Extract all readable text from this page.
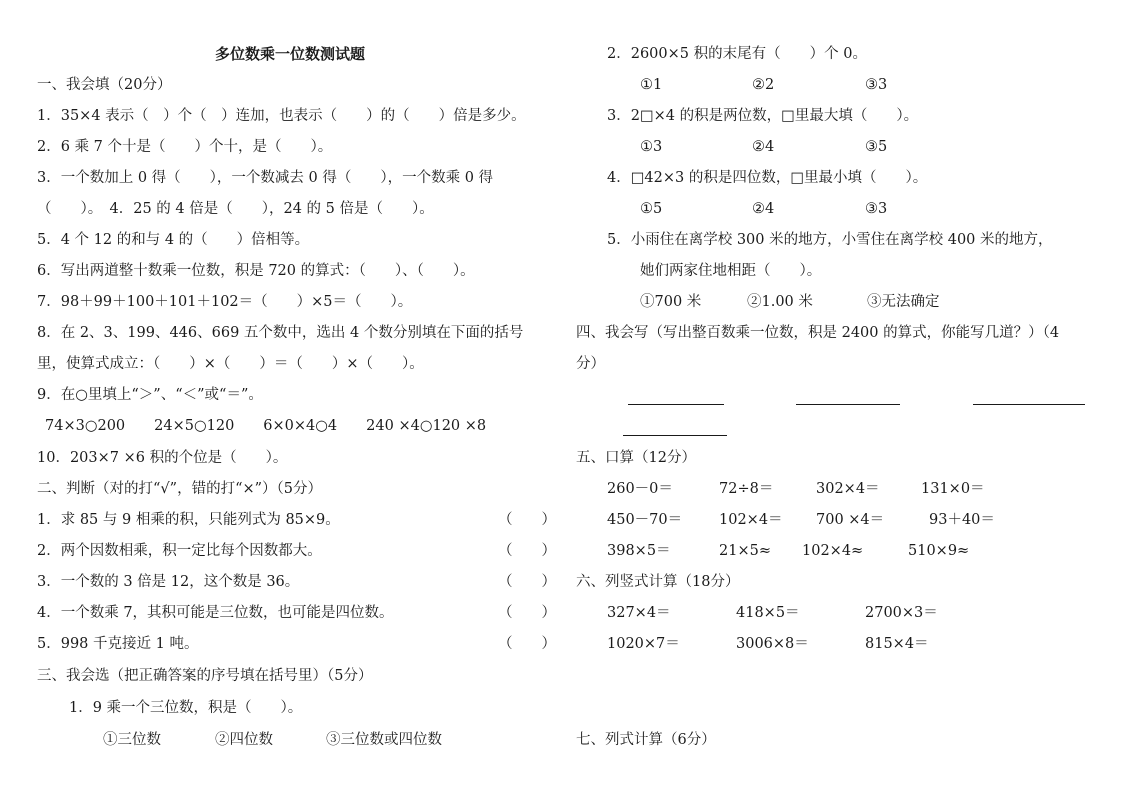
多位数乘一位数测试题
一、我会填（20分）
1．35×4 表示（　）个（　）连加，也表示（　　）的（　　）倍是多少。
2．6 乘 7 个十是（　　）个十，是（　　）。
3．一个数加上 0 得（　　），一个数减去 0 得（　　），一个数乘 0 得
（　　）。　4．25 的 4 倍是（　　），24 的 5 倍是（　　）。
5．4 个 12 的和与 4 的（　　）倍相等。
6．写出两道整十数乘一位数，积是 720 的算式：（　　）、（　　）。
7．98＋99＋100＋101＋102＝（　　）×5＝（　　）。
8．在 2、3、199、446、669 五个数中，选出 4 个数分别填在下面的括号
里，使算式成立：（　　）×（　　）＝（　　）×（　　）。
9．在○里填上“＞”、“＜”或“＝”。
74×3○200　　24×5○120　　6×0×4○4　　240 ×4○120 ×8
10．203×7 ×6 积的个位是（　　）。
二、判断（对的打“√”，错的打“×”）（5分）
1．求 85 与 9 相乘的积，只能列式为 85×9。	（　　）
2．两个因数相乘，积一定比每个因数都大。	（　　）
3．一个数的 3 倍是 12，这个数是 36。	（　　）
4．一个数乘 7，其积可能是三位数，也可能是四位数。	（　　）
5．998 千克接近 1 吨。	（　　）
三、我会选（把正确答案的序号填在括号里）（5分）
1．9 乘一个三位数，积是（　　）。
①三位数	②四位数	③三位数或四位数
2．2600×5 积的末尾有（　　）个 0。
①1	②2	③3
3．2□×4 的积是两位数，□里最大填（　　）。
①3	②4	③5
4．□42×3 的积是四位数，□里最小填（　　）。
①5	②4	③3
5．小雨住在离学校 300 米的地方，小雪住在离学校 400 米的地方，
她们两家住地相距（　　）。
①700 米	②1.00 米	③无法确定
四、我会写（写出整百数乘一位数，积是 2400 的算式，你能写几道？）（4
分）
五、口算（12分）
260－0＝	72÷8＝	302×4＝	131×0＝
450－70＝	102×4＝ 700 ×4＝	93＋40＝
398×5＝	21×5≈ 102×4≈	510×9≈
六、列竖式计算（18分）
327×4＝	418×5＝	2700×3＝
1020×7＝	3006×8＝	815×4＝
七、列式计算（6分）
